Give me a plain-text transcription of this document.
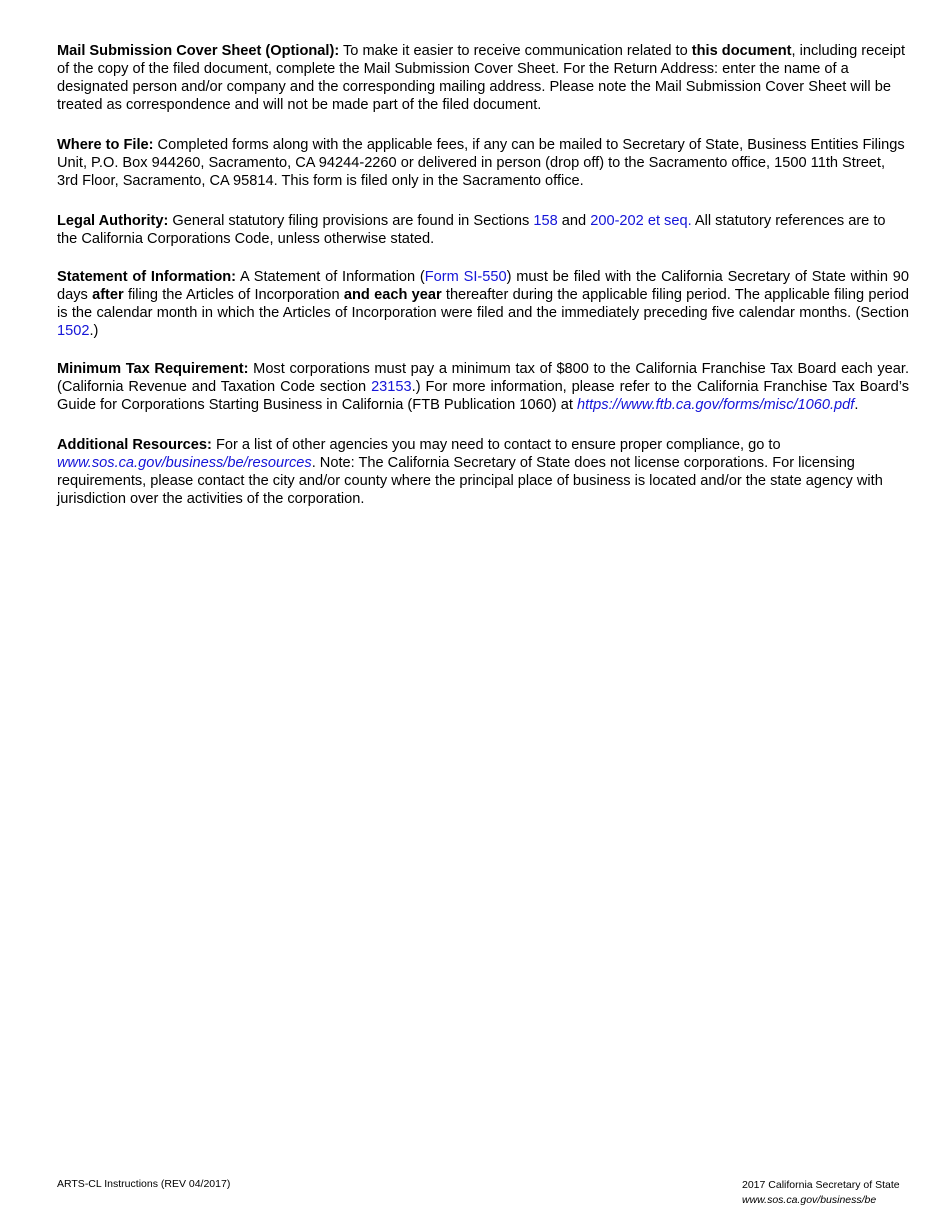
Mail Submission Cover Sheet (Optional): To make it easier to receive communication related to this document, including receipt of the copy of the filed document, complete the Mail Submission Cover Sheet. For the Return Address: enter the name of a designated person and/or company and the corresponding mailing address. Please note the Mail Submission Cover Sheet will be treated as correspondence and will not be made part of the filed document.

Where to File: Completed forms along with the applicable fees, if any can be mailed to Secretary of State, Business Entities Filings Unit, P.O. Box 944260, Sacramento, CA 94244-2260 or delivered in person (drop off) to the Sacramento office, 1500 11th Street, 3rd Floor, Sacramento, CA 95814. This form is filed only in the Sacramento office.

Legal Authority: General statutory filing provisions are found in Sections 158 and 200-202 et seq. All statutory references are to the California Corporations Code, unless otherwise stated.

Statement of Information: A Statement of Information (Form SI-550) must be filed with the California Secretary of State within 90 days after filing the Articles of Incorporation and each year thereafter during the applicable filing period. The applicable filing period is the calendar month in which the Articles of Incorporation were filed and the immediately preceding five calendar months. (Section 1502.)

Minimum Tax Requirement: Most corporations must pay a minimum tax of $800 to the California Franchise Tax Board each year. (California Revenue and Taxation Code section 23153.) For more information, please refer to the California Franchise Tax Board’s Guide for Corporations Starting Business in California (FTB Publication 1060) at https://www.ftb.ca.gov/forms/misc/1060.pdf.

Additional Resources: For a list of other agencies you may need to contact to ensure proper compliance, go to www.sos.ca.gov/business/be/resources. Note: The California Secretary of State does not license corporations. For licensing requirements, please contact the city and/or county where the principal place of business is located and/or the state agency with jurisdiction over the activities of the corporation.

ARTS-CL Instructions (REV 04/2017)	2017 California Secretary of State
www.sos.ca.gov/business/be
